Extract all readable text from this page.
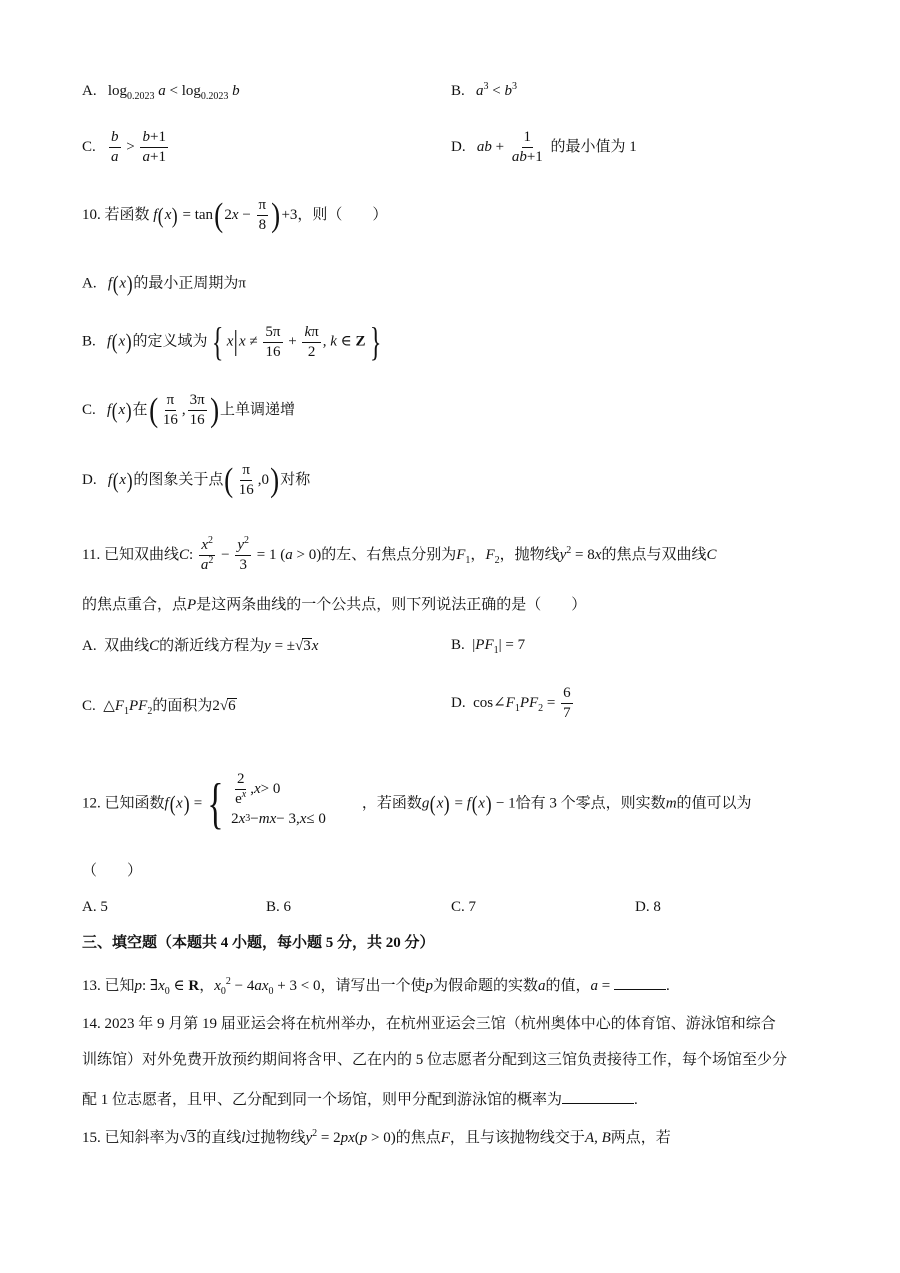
A. $\log_{0.2023} a < \log_{0.2023} b$	B. $a^3 < b^3$
C. $\frac{b}{a} > \frac{b+1}{a+1}$	D. ab + $\frac{1}{ab+1}$ 的最小值为 1
10. 若函数 $f(x) = \tan(2x - \frac{\pi}{8} )+3$，则（　　）
A. f(x)的最小正周期为π
B. f(x)的定义域为{ $x|x \ne \frac{5\pi}{16} + \frac{k\pi}{2}$ , k ∈ Z}
C. f(x)在( $\frac{\pi}{16}$ , $\frac{3\pi}{16}$ )上单调递增
D. f(x)的图象关于点( $\frac{\pi}{16} ,0$)对称
11. 已知双曲线C: $\frac{x^2}{a^2} - \frac{y^2}{3} = 1$ (a > 0)的左、右焦点分别为$F_1$，$F_2$，抛物线$y^2 = 8x$的焦点与双曲线C
的焦点重合，点P是这两条曲线的一个公共点，则下列说法正确的是（　　）
A. 双曲线C的渐近线方程为y = ±√3x	B.  $|PF_1| = 7$
C.  $\triangle F_1PF_2$的面积为2√6	D.  $\cos\angle F_1PF_2 = \frac{6}{7}$
12. 已知函数f(x) ={ $\frac{2}{e^x}$ , x > 0
2 x 3 − mx − 3, x ≤ 0
，若函数g(x) = f(x) − 1恰有 3 个零点，则实数m的值可以为
（　　）
A. 5	B. 6	C. 7	D. 8
三、填空题（本题共 4 小题，每小题 5 分，共 20 分）
13. 已知p: $\exists x_0$ ∈ R，$x_0^2 - 4ax_0 + 3 < 0$，请写出一个使p为假命题的实数a的值，a =	.
14. 2023 年 9 月第 19 届亚运会将在杭州举办，在杭州亚运会三馆（杭州奥体中心的体育馆、游泳馆和综合
训练馆）对外免费开放预约期间将含甲、乙在内的 5 位志愿者分配到这三馆负责接待工作，每个场馆至少分
配 1 位志愿者，且甲、乙分配到同一个场馆，则甲分配到游泳馆的概率为	.
15. 已知斜率为√3的直线l过抛物线$y^2 = 2px(p > 0)$的焦点F，且与该抛物线交于A, B两点，若
